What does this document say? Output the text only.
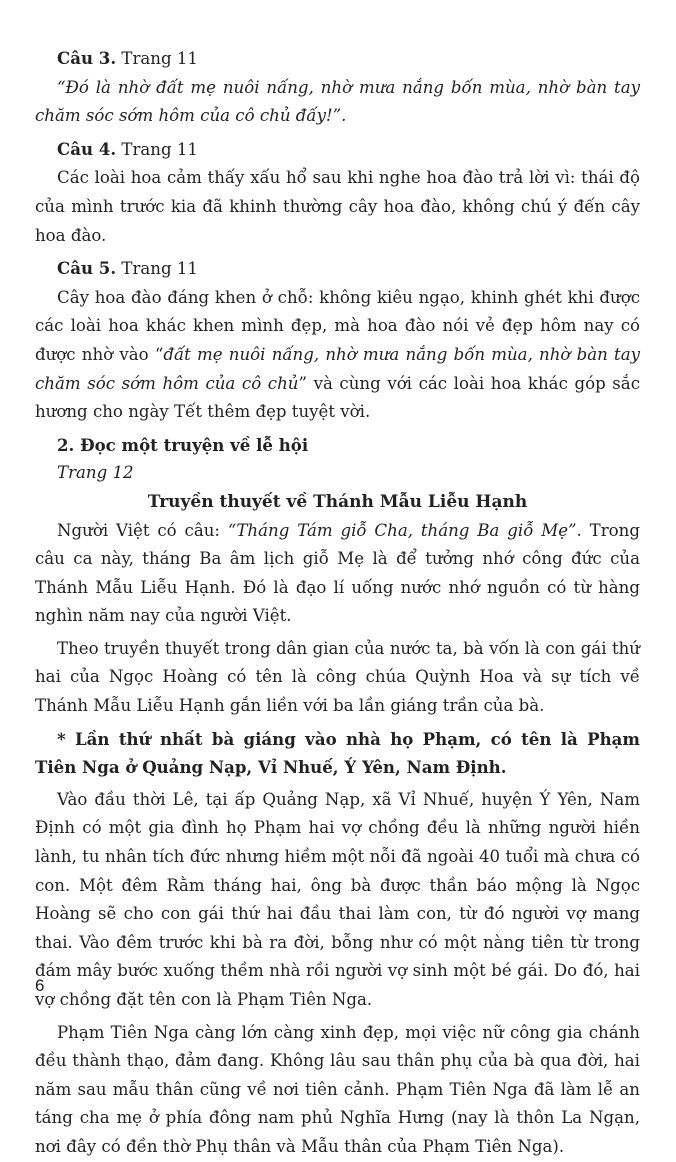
Câu 3. Trang 11

“Đó là nhờ đất mẹ nuôi nấng, nhờ mưa nắng bốn mùa, nhờ bàn tay chăm sóc sớm hôm của cô chủ đấy!”.

Câu 4. Trang 11

Các loài hoa cảm thấy xấu hổ sau khi nghe hoa đào trả lời vì: thái độ của mình trước kia đã khinh thường cây hoa đào, không chú ý đến cây hoa đào.

Câu 5. Trang 11

Cây hoa đào đáng khen ở chỗ: không kiêu ngạo, khinh ghét khi được các loài hoa khác khen mình đẹp, mà hoa đào nói vẻ đẹp hôm nay có được nhờ vào “đất mẹ nuôi nấng, nhờ mưa nắng bốn mùa, nhờ bàn tay chăm sóc sớm hôm của cô chủ” và cùng với các loài hoa khác góp sắc hương cho ngày Tết thêm đẹp tuyệt vời.

2. Đọc một truyện về lễ hội

Trang 12

Truyền thuyết về Thánh Mẫu Liễu Hạnh

Người Việt có câu: “Tháng Tám giỗ Cha, tháng Ba giỗ Mẹ”. Trong câu ca này, tháng Ba âm lịch giỗ Mẹ là để tưởng nhớ công đức của Thánh Mẫu Liễu Hạnh. Đó là đạo lí uống nước nhớ nguồn có từ hàng nghìn năm nay của người Việt.

Theo truyền thuyết trong dân gian của nước ta, bà vốn là con gái thứ hai của Ngọc Hoàng có tên là công chúa Quỳnh Hoa và sự tích về Thánh Mẫu Liễu Hạnh gắn liền với ba lần giáng trần của bà.

* Lần thứ nhất bà giáng vào nhà họ Phạm, có tên là Phạm Tiên Nga ở Quảng Nạp, Vỉ Nhuế, Ý Yên, Nam Định.

Vào đầu thời Lê, tại ấp Quảng Nạp, xã Vỉ Nhuế, huyện Ý Yên, Nam Định có một gia đình họ Phạm hai vợ chồng đều là những người hiền lành, tu nhân tích đức nhưng hiềm một nỗi đã ngoài 40 tuổi mà chưa có con. Một đêm Rằm tháng hai, ông bà được thần báo mộng là Ngọc Hoàng sẽ cho con gái thứ hai đầu thai làm con, từ đó người vợ mang thai. Vào đêm trước khi bà ra đời, bỗng như có một nàng tiên từ trong đám mây bước xuống thềm nhà rồi người vợ sinh một bé gái. Do đó, hai vợ chồng đặt tên con là Phạm Tiên Nga.

Phạm Tiên Nga càng lớn càng xinh đẹp, mọi việc nữ công gia chánh đều thành thạo, đảm đang. Không lâu sau thân phụ của bà qua đời, hai năm sau mẫu thân cũng về nơi tiên cảnh. Phạm Tiên Nga đã làm lễ an táng cha mẹ ở phía đông nam phủ Nghĩa Hưng (nay là thôn La Ngạn, nơi đây có đền thờ Phụ thân và Mẫu thân của Phạm Tiên Nga).

6
